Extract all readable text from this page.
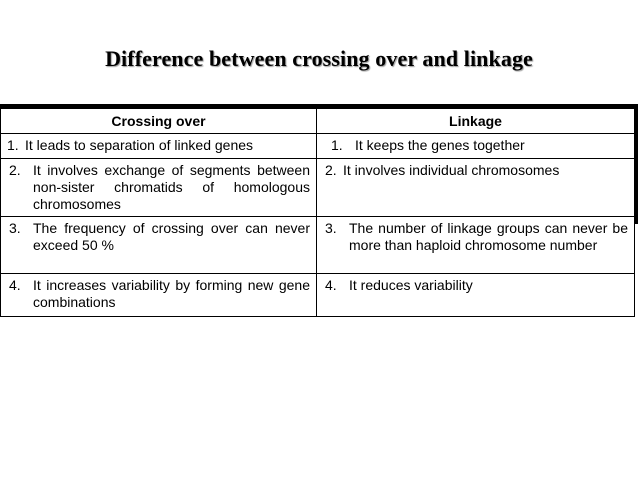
Difference between crossing over and linkage
Crossing over	Linkage

1. It leads to separation of linked genes	1. It keeps the genes together

2. It involves exchange of segments between non-sister chromatids of homologous chromosomes	2. It involves individual chromosomes

3. The frequency of crossing over can never exceed 50 %	3. The number of linkage groups can never be more than haploid chromosome number

4. It increases variability by forming new gene combinations	4. It reduces variability
